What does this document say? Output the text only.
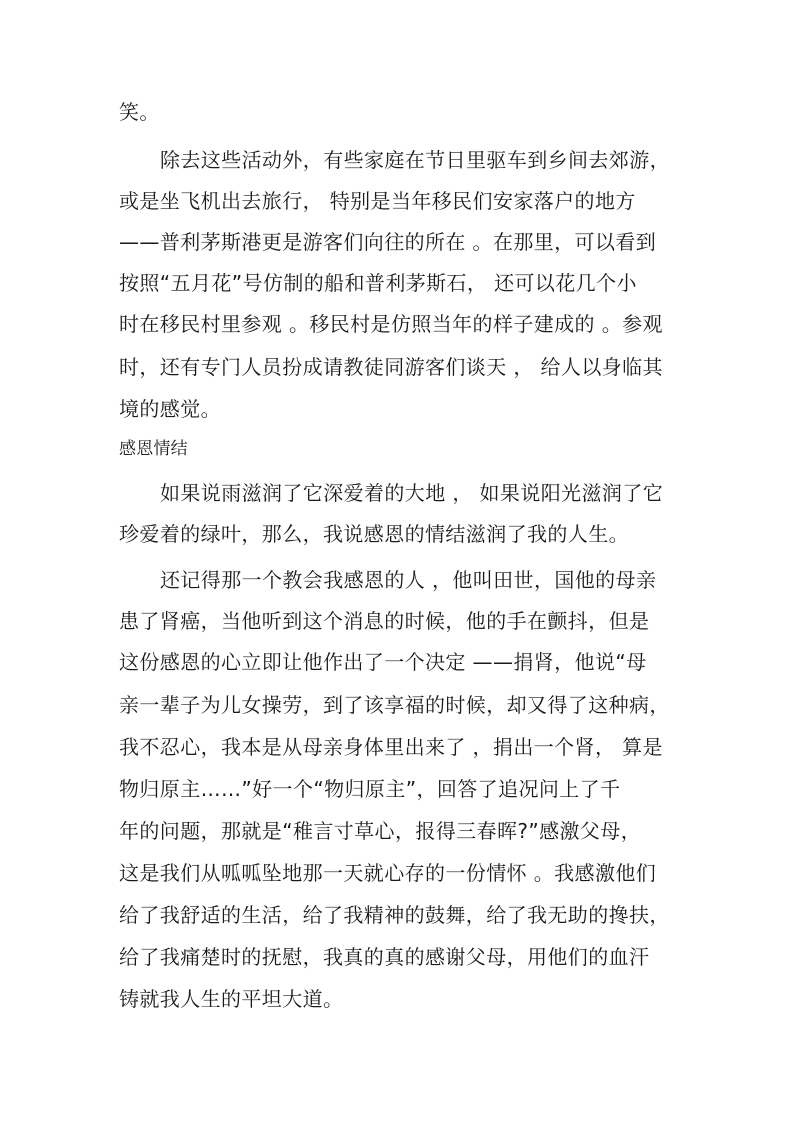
笑。
除去这些活动外，有些家庭在节日里驱车到乡间去郊游，
或是坐飞机出去旅行， 特别是当年移民们安家落户的地方
——普利茅斯港更是游客们向往的所在 。在那里，可以看到
按照“五月花”号仿制的船和普利茅斯石， 还可以花几个小
时在移民村里参观 。移民村是仿照当年的样子建成的 。参观
时，还有专门人员扮成请教徒同游客们谈天 ， 给人以身临其
境的感觉。
感恩情结
如果说雨滋润了它深爱着的大地 ， 如果说阳光滋润了它
珍爱着的绿叶，那么，我说感恩的情结滋润了我的人生。
还记得那一个教会我感恩的人 ，他叫田世，国他的母亲
患了肾癌，当他听到这个消息的时候，他的手在颤抖，但是
这份感恩的心立即让他作出了一个决定 ——捐肾，他说“母
亲一辈子为儿女操劳，到了该享福的时候，却又得了这种病，
我不忍心，我本是从母亲身体里出来了 ，捐出一个肾， 算是
物归原主……”好一个“物归原主”，回答了追况问上了千
年的问题，那就是“稚言寸草心，报得三春晖?”感激父母，
这是我们从呱呱坠地那一天就心存的一份情怀 。我感激他们
给了我舒适的生活，给了我精神的鼓舞，给了我无助的搀扶，
给了我痛楚时的抚慰，我真的真的感谢父母，用他们的血汗
铸就我人生的平坦大道。
